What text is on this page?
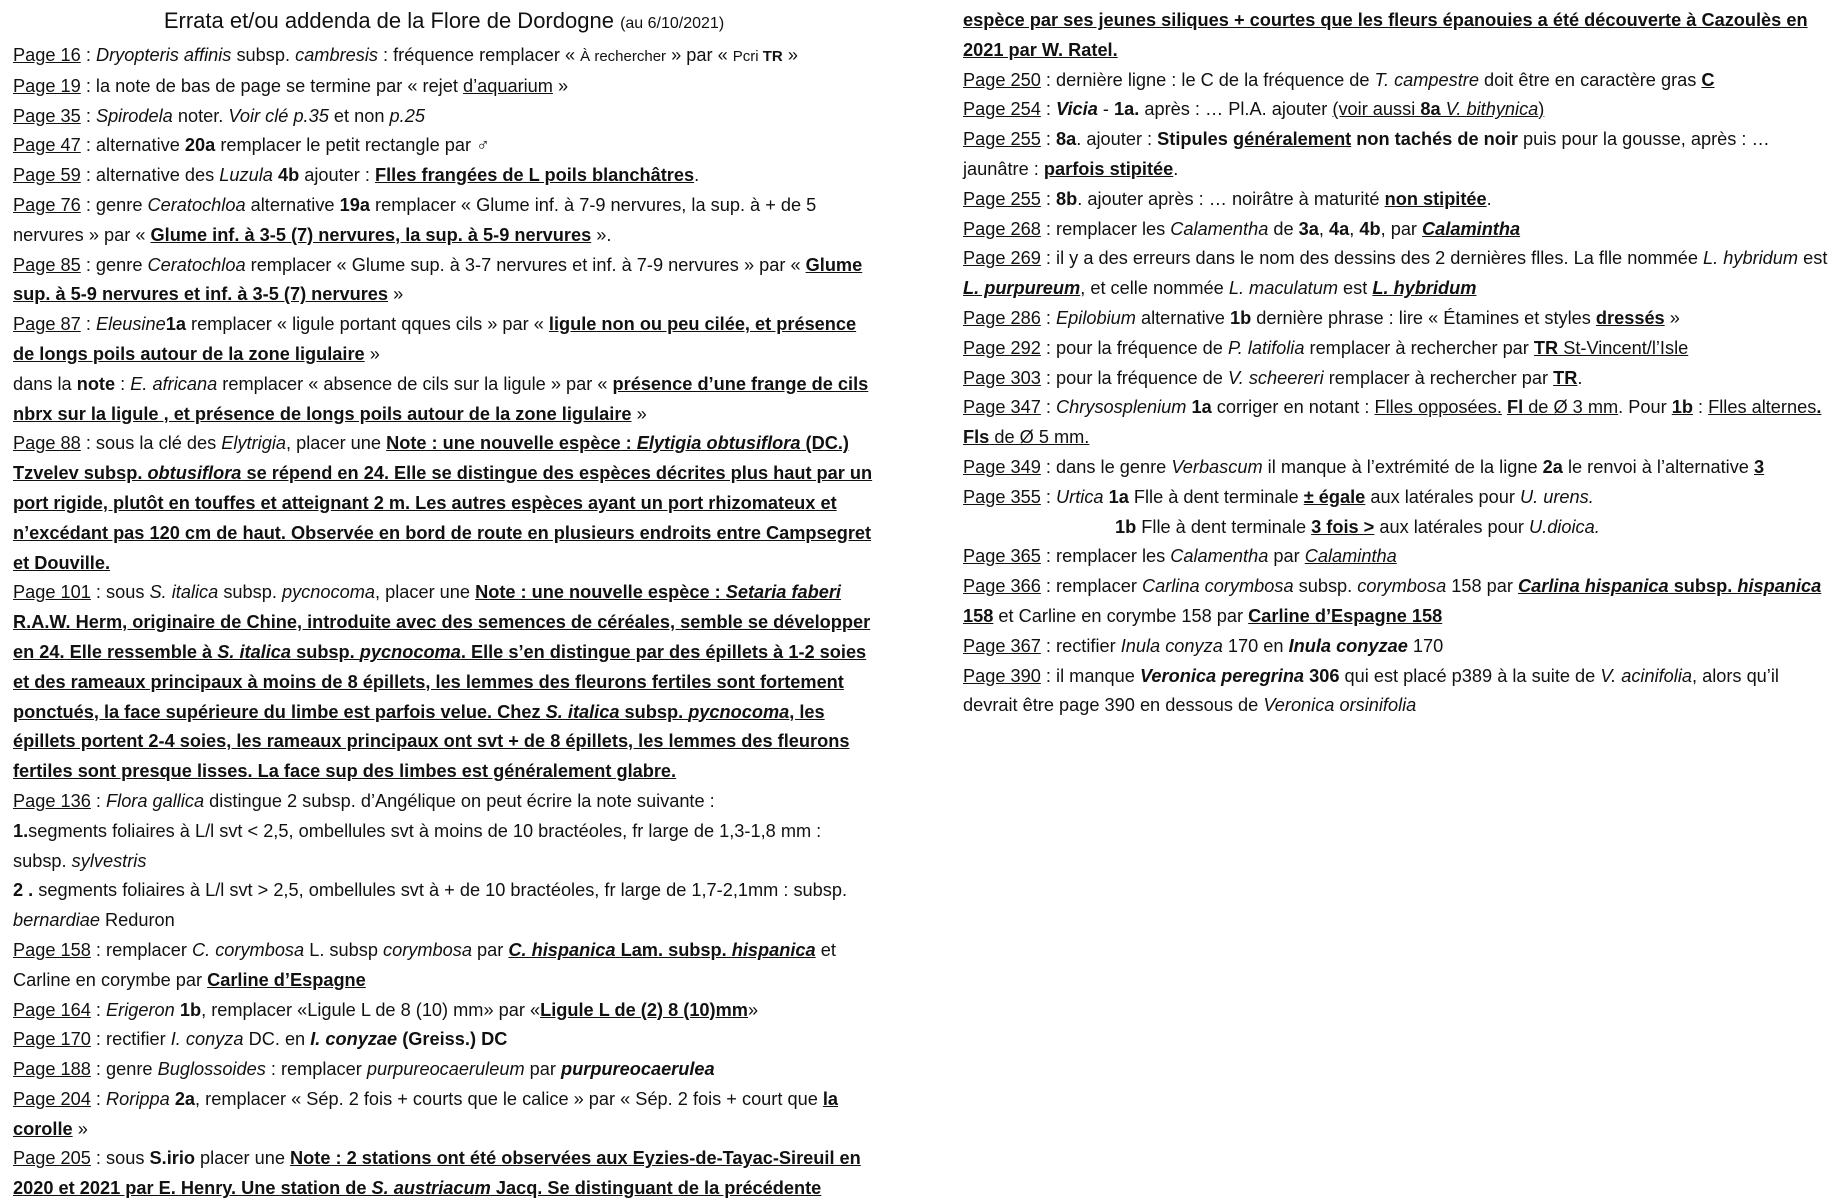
Errata et/ou addenda de la Flore de Dordogne (au 6/10/2021)

Page 16 : Dryopteris affinis subsp. cambresis : fréquence remplacer « À rechercher » par « Pcri TR »

Page 19 : la note de bas de page se termine par « rejet d’aquarium »

Page 35 : Spirodela noter. Voir clé p.35 et non p.25

Page 47 : alternative 20a remplacer le petit rectangle par ♂

Page 59 : alternative des Luzula 4b ajouter : Flles frangées de L poils blanchâtres.

Page 76 : genre Ceratochloa alternative 19a remplacer « Glume inf. à 7-9 nervures, la sup. à + de 5 nervures » par « Glume inf. à 3-5 (7) nervures, la sup. à 5-9 nervures ».

Page 85 : genre Ceratochloa remplacer « Glume sup. à 3-7 nervures et inf. à 7-9 nervures » par « Glume sup. à 5-9 nervures et inf. à 3-5 (7) nervures »

Page 87 : Eleusine1a remplacer « ligule portant qques cils » par « ligule non ou peu cilée, et présence de longs poils autour de la zone ligulaire »

dans la note : E. africana remplacer « absence de cils sur la ligule » par « présence d’une frange de cils nbrx sur la ligule , et présence de longs poils autour de la zone ligulaire »

Page 88 : sous la clé des Elytrigia, placer une Note : une nouvelle espèce : Elytigia obtusiflora (DC.) Tzvelev subsp. obtusiflora se répend en 24. Elle se distingue des espèces décrites plus haut par un port rigide, plutôt en touffes et atteignant 2 m. Les autres espèces ayant un port rhizomateux et n’excédant pas 120 cm de haut. Observée en bord de route en plusieurs endroits entre Campsegret et Douville.

Page 101 : sous S. italica subsp. pycnocoma, placer une Note : une nouvelle espèce : Setaria faberi R.A.W. Herm, originaire de Chine, introduite avec des semences de céréales, semble se développer en 24. Elle ressemble à S. italica subsp. pycnocoma. Elle s’en distingue par des épillets à 1-2 soies et des rameaux principaux à moins de 8 épillets, les lemmes des fleurons fertiles sont fortement ponctués, la face supérieure du limbe est parfois velue. Chez S. italica subsp. pycnocoma, les épillets portent 2-4 soies, les rameaux principaux ont svt + de 8 épillets, les lemmes des fleurons fertiles sont presque lisses. La face sup des limbes est généralement glabre.

Page 136 : Flora gallica distingue 2 subsp. d’Angélique on peut écrire la note suivante :

1.segments foliaires à L/l svt < 2,5, ombellules svt à moins de 10 bractéoles, fr large de 1,3-1,8 mm : subsp. sylvestris

2 . segments foliaires à L/l svt > 2,5, ombellules svt à + de 10 bractéoles, fr large de 1,7-2,1mm : subsp. bernardiae Reduron

Page 158 : remplacer C. corymbosa L. subsp corymbosa par C. hispanica Lam. subsp. hispanica et Carline en corymbe par Carline d’Espagne

Page 164 : Erigeron 1b, remplacer «Ligule L de 8 (10) mm» par «Ligule L de (2) 8 (10)mm»

Page 170 : rectifier I. conyza DC. en I. conyzae (Greiss.) DC

Page 188 : genre Buglossoides : remplacer purpureocaeruleum par purpureocaerulea

Page 204 : Rorippa 2a, remplacer « Sép. 2 fois + courts que le calice » par « Sép. 2 fois + court que la corolle »

Page 205 : sous S.irio placer une Note : 2 stations ont été observées aux Eyzies-de-Tayac-Sireuil en 2020 et 2021 par E. Henry. Une station de S. austriacum Jacq. Se distinguant de la précédente

espèce par ses jeunes siliques + courtes que les fleurs épanouies a été découverte à Cazoulès en 2021 par W. Ratel.

Page 250 : dernière ligne : le C de la fréquence de T. campestre doit être en caractère gras C

Page 254 : Vicia - 1a. après : … Pl.A. ajouter (voir aussi 8a V. bithynica)

Page 255 : 8a. ajouter : Stipules généralement non tachés de noir puis pour la gousse, après : … jaunâtre : parfois stipitée.

Page 255 : 8b. ajouter après : … noirâtre à maturité non stipitée.

Page 268 : remplacer les Calamentha de 3a, 4a, 4b, par Calamintha

Page 269 : il y a des erreurs dans le nom des dessins des 2 dernières flles. La flle nommée L. hybridum est L. purpureum, et celle nommée L. maculatum est L. hybridum

Page 286 : Epilobium alternative 1b dernière phrase : lire « Étamines et styles dressés »

Page 292 : pour la fréquence de P. latifolia remplacer à rechercher par TR St-Vincent/l’Isle

Page 303 : pour la fréquence de V. scheereri remplacer à rechercher par TR.

Page 347 : Chrysosplenium 1a corriger en notant : Flles opposées. Fl de Ø 3 mm. Pour 1b : Flles alternes. Fls de Ø 5 mm.

Page 349 : dans le genre Verbascum il manque à l’extrémité de la ligne 2a le renvoi à l’alternative 3

Page 355 : Urtica 1a Flle à dent terminale ± égale aux latérales pour U. urens.

1b Flle à dent terminale 3 fois > aux latérales pour U.dioica.

Page 365 : remplacer les Calamentha par Calamintha

Page 366 : remplacer Carlina corymbosa subsp. corymbosa 158 par Carlina hispanica subsp. hispanica 158 et Carline en corymbe 158 par Carline d’Espagne 158

Page 367 : rectifier Inula conyza 170 en Inula conyzae 170

Page 390 : il manque Veronica peregrina 306 qui est placé p389 à la suite de V. acinifolia, alors qu’il devrait être page 390 en dessous de Veronica orsinifolia
